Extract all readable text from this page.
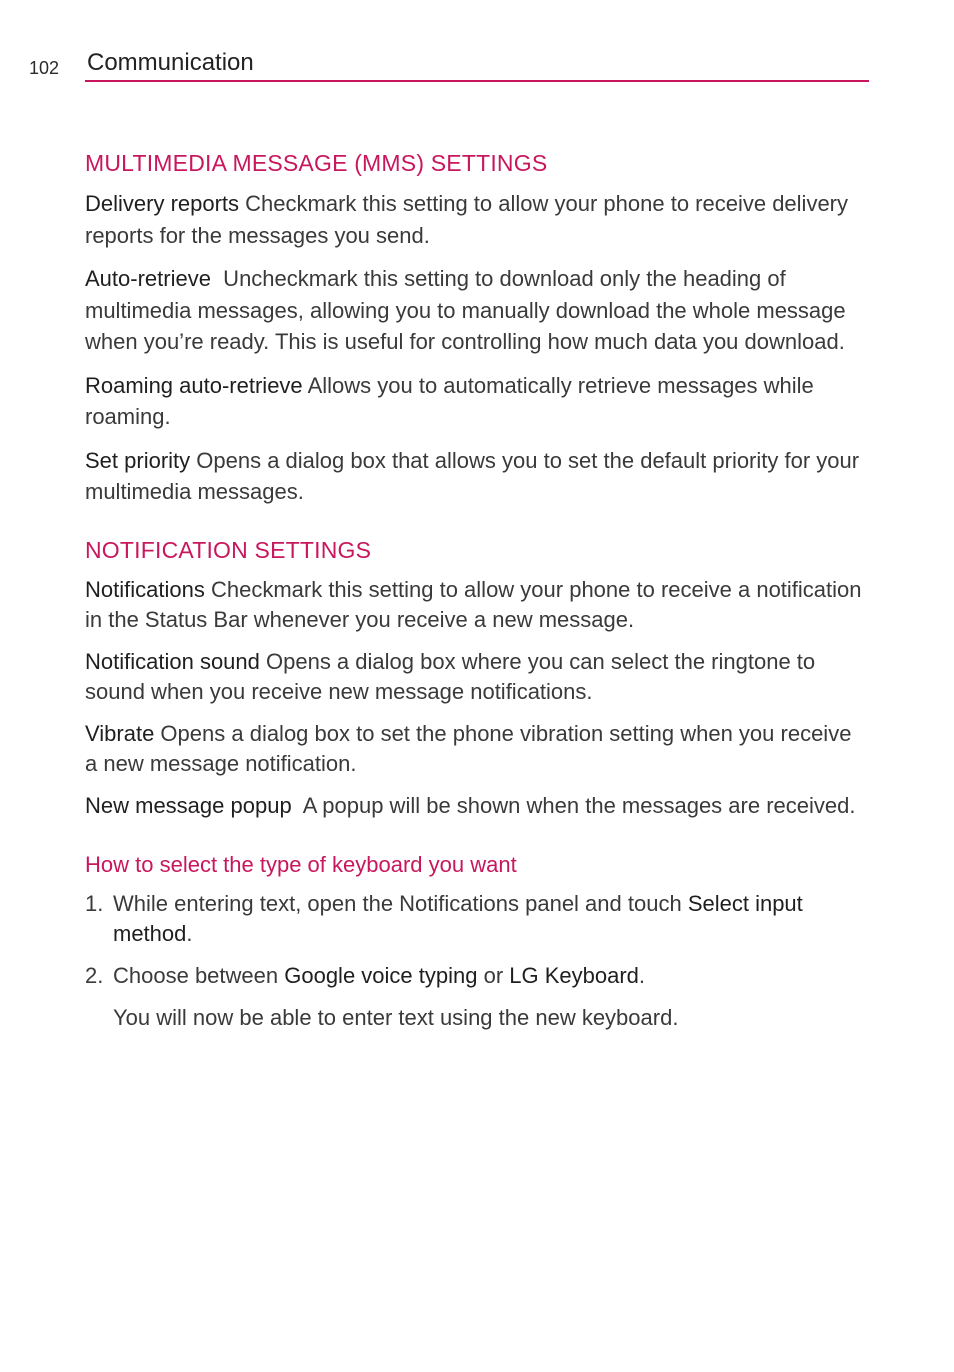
102 Communication
MULTIMEDIA MESSAGE (MMS) SETTINGS

Delivery reports Checkmark this setting to allow your phone to receive delivery reports for the messages you send.

Auto-retrieve  Uncheckmark this setting to download only the heading of multimedia messages, allowing you to manually download the whole message when you’re ready. This is useful for controlling how much data you download.

Roaming auto-retrieve Allows you to automatically retrieve messages while roaming.

Set priority Opens a dialog box that allows you to set the default priority for your multimedia messages.

NOTIFICATION SETTINGS

Notifications Checkmark this setting to allow your phone to receive a notification in the Status Bar whenever you receive a new message.

Notification sound Opens a dialog box where you can select the ringtone to sound when you receive new message notifications.

Vibrate Opens a dialog box to set the phone vibration setting when you receive a new message notification.

New message popup  A popup will be shown when the messages are received.

How to select the type of keyboard you want
1. While entering text, open the Notifications panel and touch Select input method.
2. Choose between Google voice typing or LG Keyboard.
You will now be able to enter text using the new keyboard.
